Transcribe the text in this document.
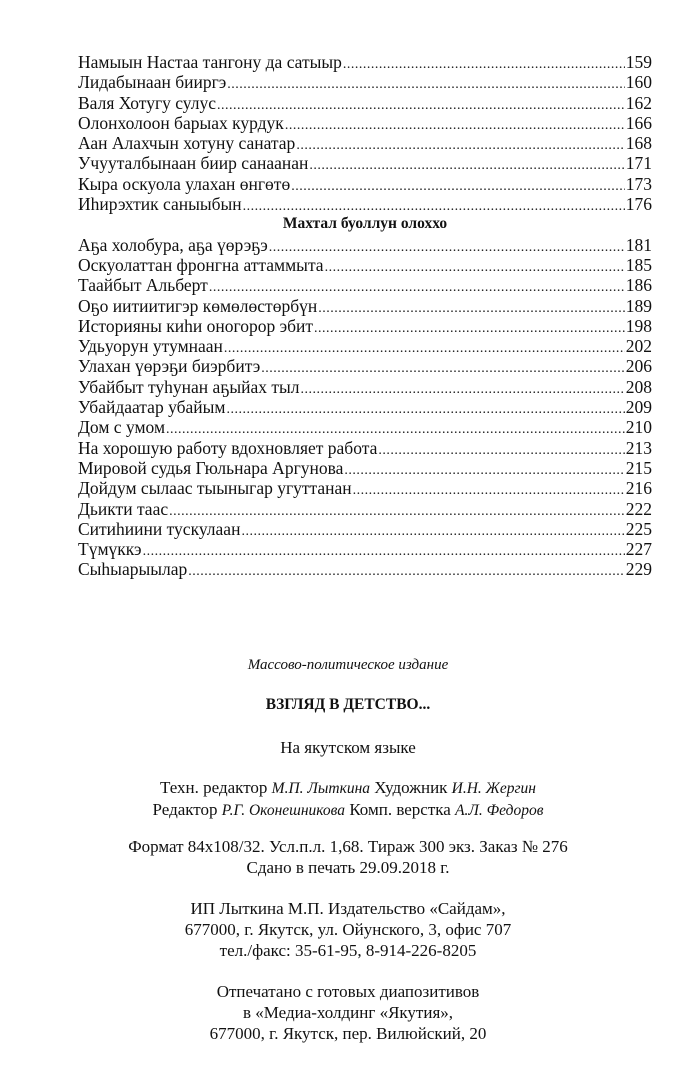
Намыын Настаа тангону да сатыыр .....	159
Лидабынаан бииргэ .....	160
Валя Хотугу сулус .....	162
Олонхолоон барыах курдук .....	166
Аан Алахчын хотуну санатар .....	168
Учууталбынаан биир санаанан .....	171
Кыра оскуола улахан өнгөтө .....	173
Иhирэхтик саныыбын .....	176
Махтал буоллун олоххо
Аҕа холобура, аҕа үөрэҕэ .....	181
Оскуолаттан фронгна аттаммыта .....	185
Таайбыт Альберт .....	186
Оҕо иитиитигэр көмөлөстөрбүн .....	189
Историяны киhи оногорор эбит .....	198
Удьуорун утумнаан .....	202
Улахан үөрэҕи биэрбитэ .....	206
Убайбыт туhунан аҕыйах тыл .....	208
Убайдаатар убайым .....	209
Дом с умом .....	210
На хорошую работу вдохновляет работа .....	213
Мировой судья Гюльнара Аргунова .....	215
Дойдум сылаас тыыныгар угуттанан .....	216
Дьикти таас .....	222
Ситиhиини тускулаан .....	225
Түмүккэ .....	227
Сыhыарыылар .....	229
Массово-политическое издание
ВЗГЛЯД В ДЕТСТВО...
На якутском языке
Техн. редактор М.П. Лыткина Художник И.Н. Жергин
Редактор Р.Г. Оконешникова Комп. верстка А.Л. Федоров
Формат 84х108/32. Усл.п.л. 1,68. Тираж 300 экз. Заказ № 276
Сдано в печать 29.09.2018 г.
ИП Лыткина М.П. Издательство «Сайдам»,
677000, г. Якутск, ул. Ойунского, 3, офис 707
тел./факс: 35-61-95, 8-914-226-8205
Отпечатано с готовых диапозитивов
в «Медиа-холдинг «Якутия»,
677000, г. Якутск, пер. Вилюйский, 20
